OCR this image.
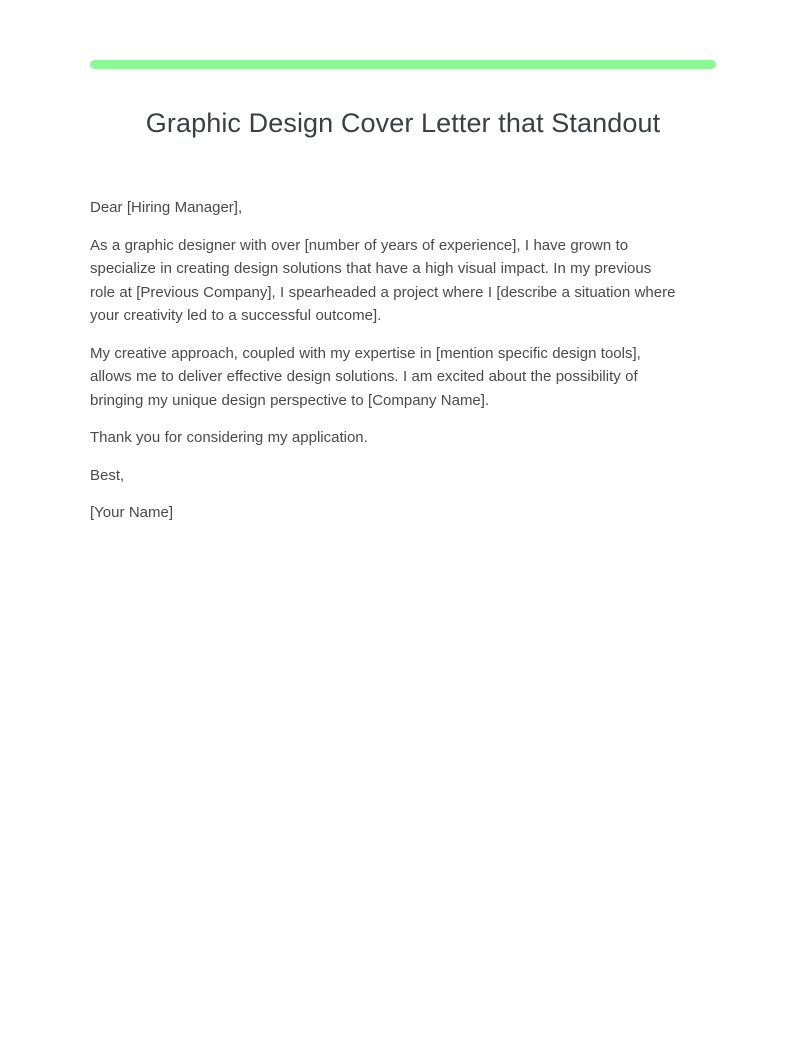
Graphic Design Cover Letter that Standout

Dear [Hiring Manager],

As a graphic designer with over [number of years of experience], I have grown to specialize in creating design solutions that have a high visual impact. In my previous role at [Previous Company], I spearheaded a project where I [describe a situation where your creativity led to a successful outcome].

My creative approach, coupled with my expertise in [mention specific design tools], allows me to deliver effective design solutions. I am excited about the possibility of bringing my unique design perspective to [Company Name].

Thank you for considering my application.

Best,

[Your Name]
